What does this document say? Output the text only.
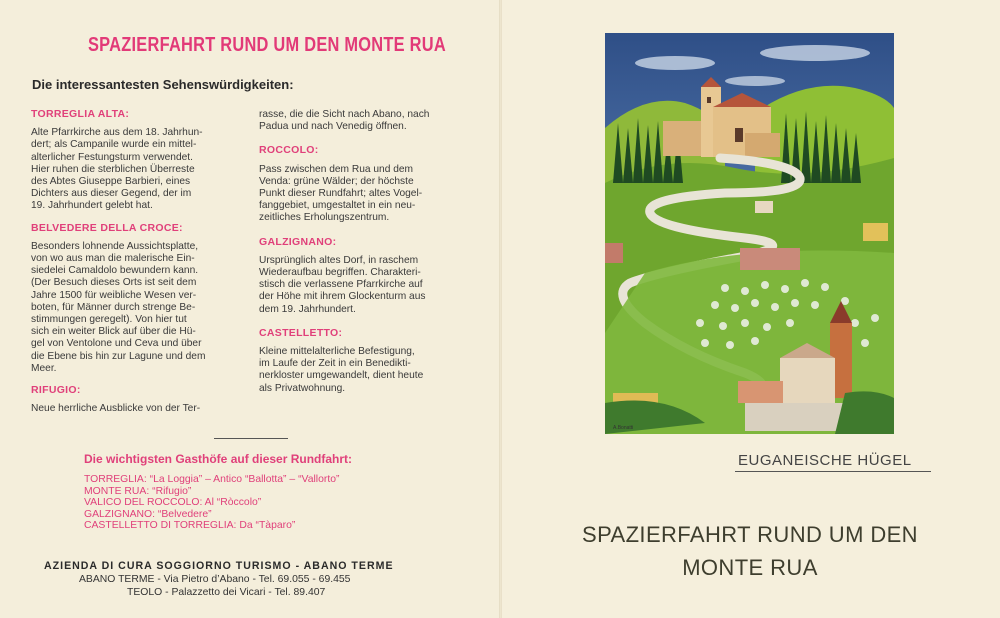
SPAZIERFAHRT RUND UM DEN MONTE RUA
Die interessantesten Sehenswürdigkeiten:
TORREGLIA ALTA:
Alte Pfarrkirche aus dem 18. Jahrhun-
dert; als Campanile wurde ein mittel-
alterlicher Festungsturm verwendet.
Hier ruhen die sterblichen Überreste
des Abtes Giuseppe Barbieri, eines
Dichters aus dieser Gegend, der im
19. Jahrhundert gelebt hat.
BELVEDERE DELLA CROCE:
Besonders lohnende Aussichtsplatte,
von wo aus man die malerische Ein-
siedelei Camaldolo bewundern kann.
(Der Besuch dieses Orts ist seit dem
Jahre 1500 für weibliche Wesen ver-
boten, für Männer durch strenge Be-
stimmungen geregelt). Von hier tut
sich ein weiter Blick auf über die Hü-
gel von Ventolone und Ceva und über
die Ebene bis hin zur Lagune und dem
Meer.
RIFUGIO:
Neue herrliche Ausblicke von der Ter-
rasse, die die Sicht nach Abano, nach
Padua und nach Venedig öffnen.
ROCCOLO:
Pass zwischen dem Rua und dem
Venda: grüne Wälder; der höchste
Punkt dieser Rundfahrt; altes Vogel-
fanggebiet, umgestaltet in ein neu-
zeitliches Erholungszentrum.
GALZIGNANO:
Ursprünglich altes Dorf, in raschem
Wiederaufbau begriffen. Charakteri-
stisch die verlassene Pfarrkirche auf
der Höhe mit ihrem Glockenturm aus
dem 19. Jahrhundert.
CASTELLETTO:
Kleine mittelalterliche Befestigung,
im Laufe der Zeit in ein Benedikti-
nerkloster umgewandelt, dient heute
als Privatwohnung.
Die wichtigsten Gasthöfe auf dieser Rundfahrt:
TORREGLIA: “La Loggia” – Antico “Ballotta” – “Vallorto”
MONTE RUA: “Rifugio”
VALICO DEL ROCCOLO: Al “Ròccolo”
GALZIGNANO: “Belvedere”
CASTELLETTO DI TORREGLIA: Da “Tàparo”
AZIENDA DI CURA SOGGIORNO TURISMO - ABANO TERME
ABANO TERME - Via Pietro d’Abano - Tel. 69.055 - 69.455
TEOLO - Palazzetto dei Vicari - Tel. 89.407
A.Bonatti
EUGANEISCHE HÜGEL
SPAZIERFAHRT RUND UM DEN
MONTE RUA
